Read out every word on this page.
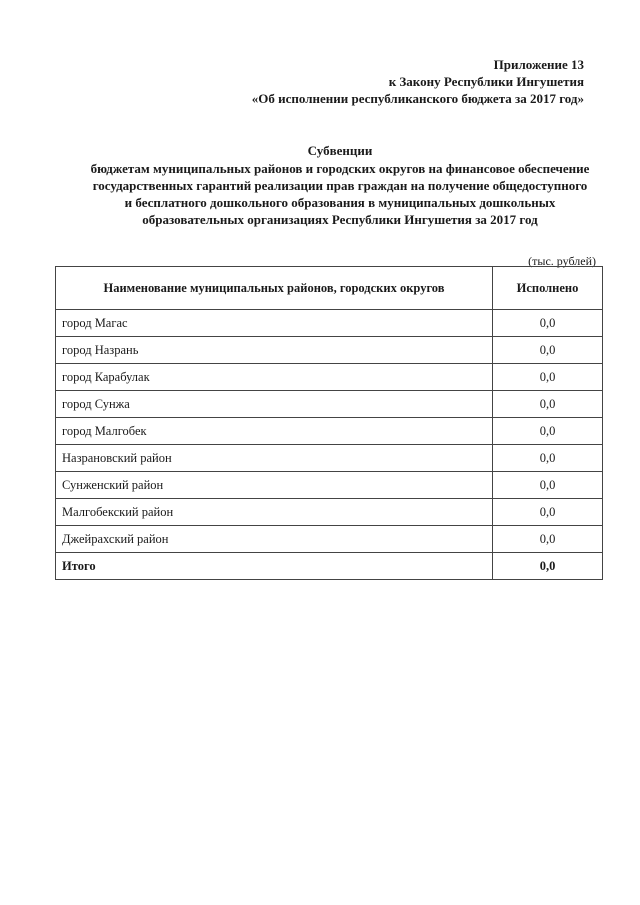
Приложение 13
к Закону Республики Ингушетия
«Об исполнении республиканского бюджета за 2017 год»
Субвенции
бюджетам муниципальных районов и городских округов на финансовое обеспечение
государственных гарантий реализации прав граждан на получение общедоступного
и бесплатного дошкольного образования в муниципальных дошкольных
образовательных организациях Республики Ингушетия за 2017 год
(тыс. рублей)
Наименование муниципальных районов, городских округов	Исполнено
город Магас	0,0
город Назрань	0,0
город Карабулак	0,0
город Сунжа	0,0
город Малгобек	0,0
Назрановский район	0,0
Сунженский район	0,0
Малгобекский район	0,0
Джейрахский район	0,0
Итого	0,0
